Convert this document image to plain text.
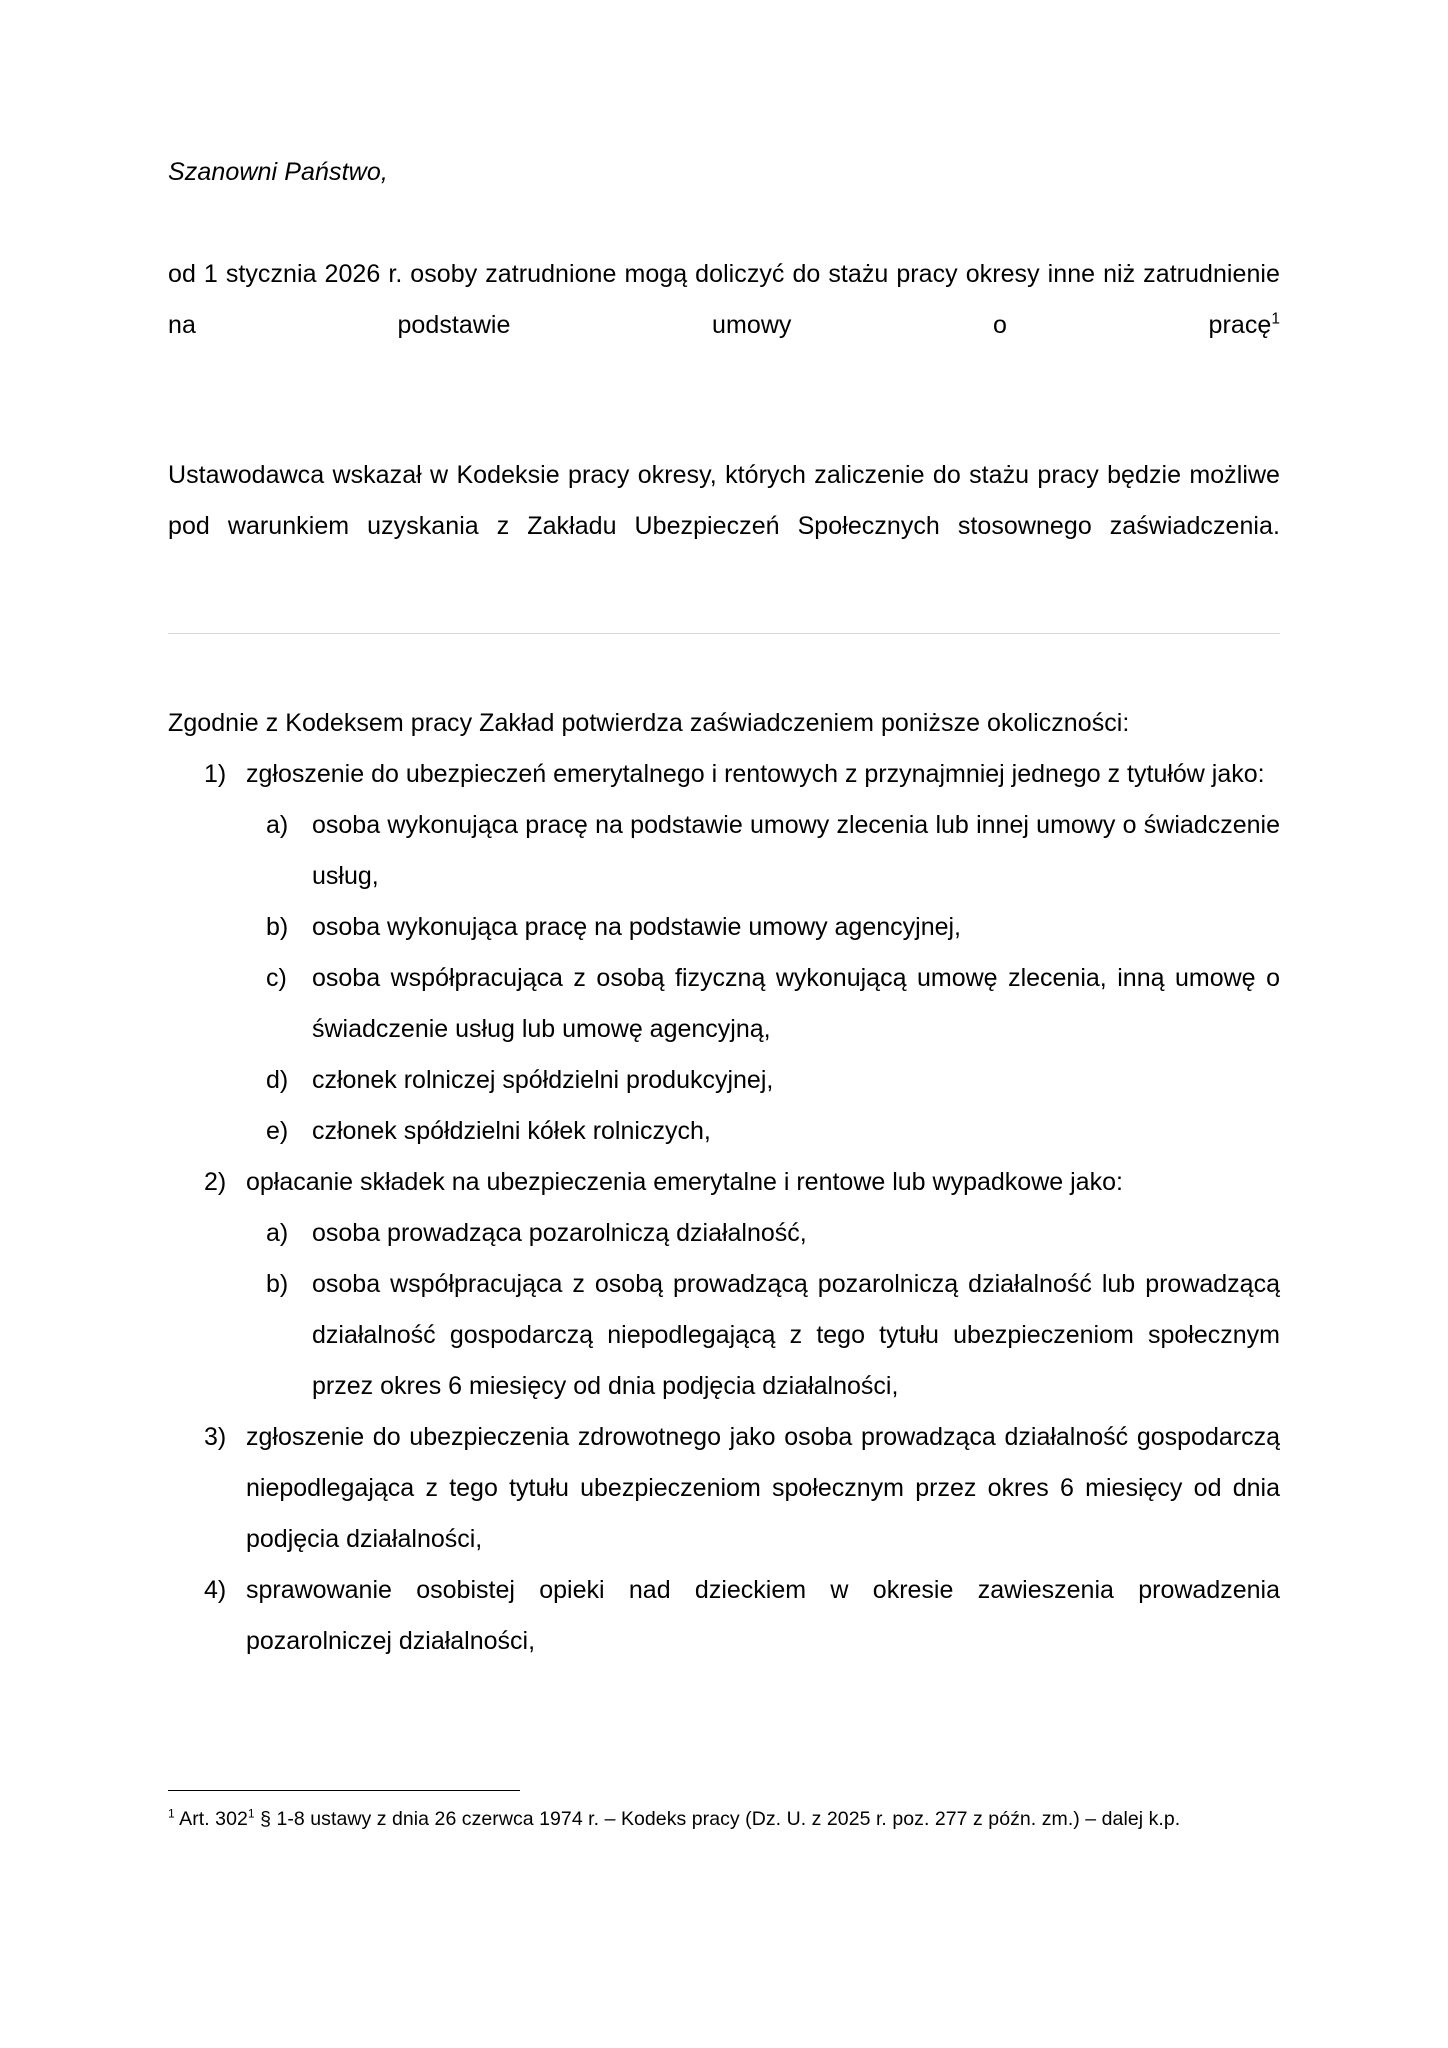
Szanowni Państwo,

od 1 stycznia 2026 r. osoby zatrudnione mogą doliczyć do stażu pracy okresy inne niż zatrudnienie na podstawie umowy o pracę$^1$

Ustawodawca wskazał w Kodeksie pracy okresy, których zaliczenie do stażu pracy będzie możliwe pod warunkiem uzyskania z Zakładu Ubezpieczeń Społecznych stosownego zaświadczenia.

Zgodnie z Kodeksem pracy Zakład potwierdza zaświadczeniem poniższe okoliczności:

1) zgłoszenie do ubezpieczeń emerytalnego i rentowych z przynajmniej jednego z tytułów jako:
a) osoba wykonująca pracę na podstawie umowy zlecenia lub innej umowy o świadczenie usług,
b) osoba wykonująca pracę na podstawie umowy agencyjnej,
c)	osoba współpracująca z osobą fizyczną wykonującą umowę zlecenia, inną umowę o świadczenie usług lub umowę agencyjną,
d) członek rolniczej spółdzielni produkcyjnej,
e) członek spółdzielni kółek rolniczych,
2) opłacanie składek na ubezpieczenia emerytalne i rentowe lub wypadkowe jako:
a) osoba prowadząca pozarolniczą działalność,
b) osoba współpracująca z osobą prowadzącą pozarolniczą działalność lub prowadzącą działalność gospodarczą niepodlegającą z tego tytułu ubezpieczeniom społecznym przez okres 6 miesięcy od dnia podjęcia działalności,
3) zgłoszenie do ubezpieczenia zdrowotnego jako osoba prowadząca działalność gospodarczą niepodlegająca z tego tytułu ubezpieczeniom społecznym przez okres 6 miesięcy od dnia podjęcia działalności,
4) sprawowanie osobistej opieki nad dzieckiem w okresie zawieszenia prowadzenia pozarolniczej działalności,

$^1$ Art. $302^1$ § 1-8 ustawy z dnia 26 czerwca 1974 r. – Kodeks pracy (Dz. U. z 2025 r. poz. 277 z późn. zm.) – dalej k.p.
